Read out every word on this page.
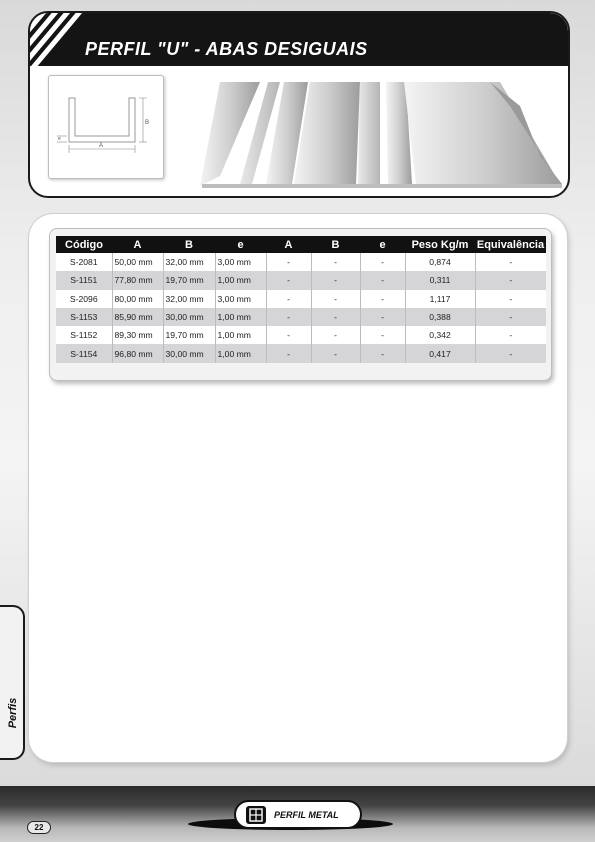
PERFIL "U" - ABAS DESIGUAIS
B
A
e
Código	A	B	e	A	B	e	Peso Kg/m	Equivalência
S-2081	50,00 mm	32,00 mm	3,00 mm	-	-	-	0,874	-
S-1151	77,80 mm	19,70 mm	1,00 mm	-	-	-	0,311	-
S-2096	80,00 mm	32,00 mm	3,00 mm	-	-	-	1,117	-
S-1153	85,90 mm	30,00 mm	1,00 mm	-	-	-	0,388	-
S-1152	89,30 mm	19,70 mm	1,00 mm	-	-	-	0,342	-
S-1154	96,80 mm	30,00 mm	1,00 mm	-	-	-	0,417	-
Perfis
22
PERFIL METAL
